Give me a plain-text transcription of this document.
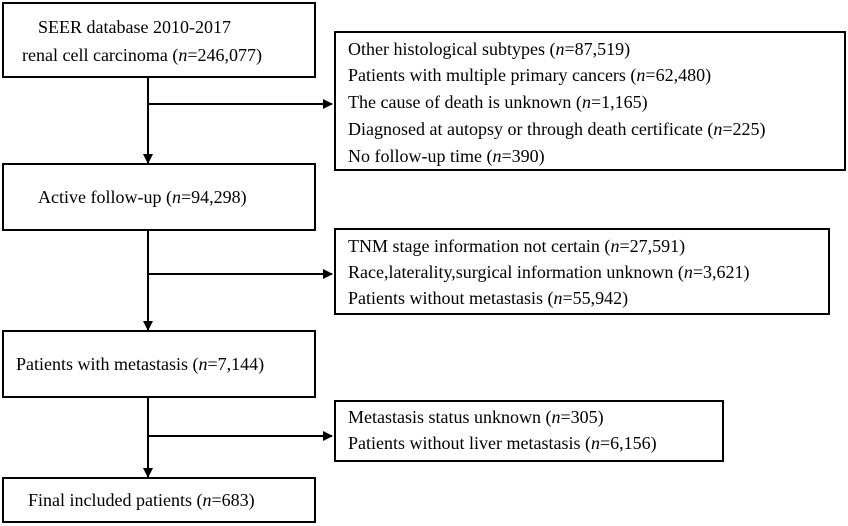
SEER database 2010-2017
renal cell carcinoma (n=246,077)
Active follow-up (n=94,298)
Patients with metastasis (n=7,144)
Final included patients (n=683)
Other histological subtypes (n=87,519)
Patients with multiple primary cancers (n=62,480)
The cause of death is unknown (n=1,165)
Diagnosed at autopsy or through death certificate (n=225)
No follow-up time (n=390)
TNM stage information not certain (n=27,591)
Race,laterality,surgical information unknown (n=3,621)
Patients without metastasis (n=55,942)
Metastasis status unknown (n=305)
Patients without liver metastasis (n=6,156)
